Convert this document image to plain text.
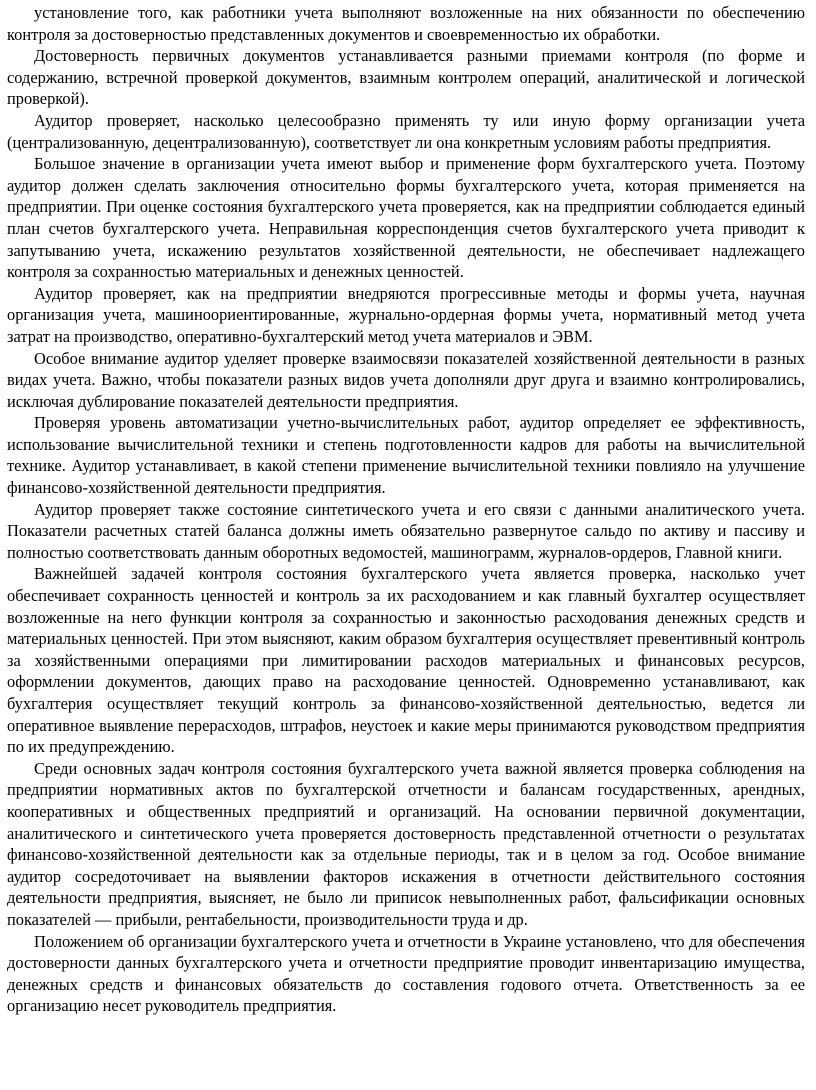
установление того, как работники учета выполняют возложенные на них обязанности по обеспечению контроля за достоверностью представленных документов и своевременностью их обработки.

Достоверность первичных документов устанавливается разными приемами контроля (по форме и содержанию, встречной проверкой документов, взаимным контролем операций, аналитической и логической проверкой).

Аудитор проверяет, насколько целесообразно применять ту или иную форму организации учета (централизованную, децентрализованную), соответствует ли она конкретным условиям работы предприятия.

Большое значение в организации учета имеют выбор и применение форм бухгалтерского учета. Поэтому аудитор должен сделать заключения относительно формы бухгалтерского учета, которая применяется на предприятии. При оценке состояния бухгалтерского учета проверяется, как на предприятии соблюдается единый план счетов бухгалтерского учета. Неправильная корреспонденция счетов бухгалтерского учета приводит к запутыванию учета, искажению результатов хозяйственной деятельности, не обеспечивает надлежащего контроля за сохранностью материальных и денежных ценностей.

Аудитор проверяет, как на предприятии внедряются прогрессивные методы и формы учета, научная организация учета, машиноориентированные, журнально-ордерная формы учета, нормативный метод учета затрат на производство, оперативно-бухгалтерский метод учета материалов и ЭВМ.

Особое внимание аудитор уделяет проверке взаимосвязи показателей хозяйственной деятельности в разных видах учета. Важно, чтобы показатели разных видов учета дополняли друг друга и взаимно контролировались, исключая дублирование показателей деятельности предприятия.

Проверяя уровень автоматизации учетно-вычислительных работ, аудитор определяет ее эффективность, использование вычислительной техники и степень подготовленности кадров для работы на вычислительной технике. Аудитор устанавливает, в какой степени применение вычислительной техники повлияло на улучшение финансово-хозяйственной деятельности предприятия.

Аудитор проверяет также состояние синтетического учета и его связи с данными аналитического учета. Показатели расчетных статей баланса должны иметь обязательно развернутое сальдо по активу и пассиву и полностью соответствовать данным оборотных ведомостей, машинограмм, журналов-ордеров, Главной книги.

Важнейшей задачей контроля состояния бухгалтерского учета является проверка, насколько учет обеспечивает сохранность ценностей и контроль за их расходованием и как главный бухгалтер осуществляет возложенные на него функции контроля за сохранностью и законностью расходования денежных средств и материальных ценностей. При этом выясняют, каким образом бухгалтерия осуществляет превентивный контроль за хозяйственными операциями при лимитировании расходов материальных и финансовых ресурсов, оформлении документов, дающих право на расходование ценностей. Одновременно устанавливают, как бухгалтерия осуществляет текущий контроль за финансово-хозяйственной деятельностью, ведется ли оперативное выявление перерасходов, штрафов, неустоек и какие меры принимаются руководством предприятия по их предупреждению.

Среди основных задач контроля состояния бухгалтерского учета важной является проверка соблюдения на предприятии нормативных актов по бухгалтерской отчетности и балансам государственных, арендных, кооперативных и общественных предприятий и организаций. На основании первичной документации, аналитического и синтетического учета проверяется достоверность представленной отчетности о результатах финансово-хозяйственной деятельности как за отдельные периоды, так и в целом за год. Особое внимание аудитор сосредоточивает на выявлении факторов искажения в отчетности действительного состояния деятельности предприятия, выясняет, не было ли приписок невыполненных работ, фальсификации основных показателей — прибыли, рентабельности, производительности труда и др.

Положением об организации бухгалтерского учета и отчетности в Украине установлено, что для обеспечения достоверности данных бухгалтерского учета и отчетности предприятие проводит инвентаризацию имущества, денежных средств и финансовых обязательств до составления годового отчета. Ответственность за ее организацию несет руководитель предприятия.
